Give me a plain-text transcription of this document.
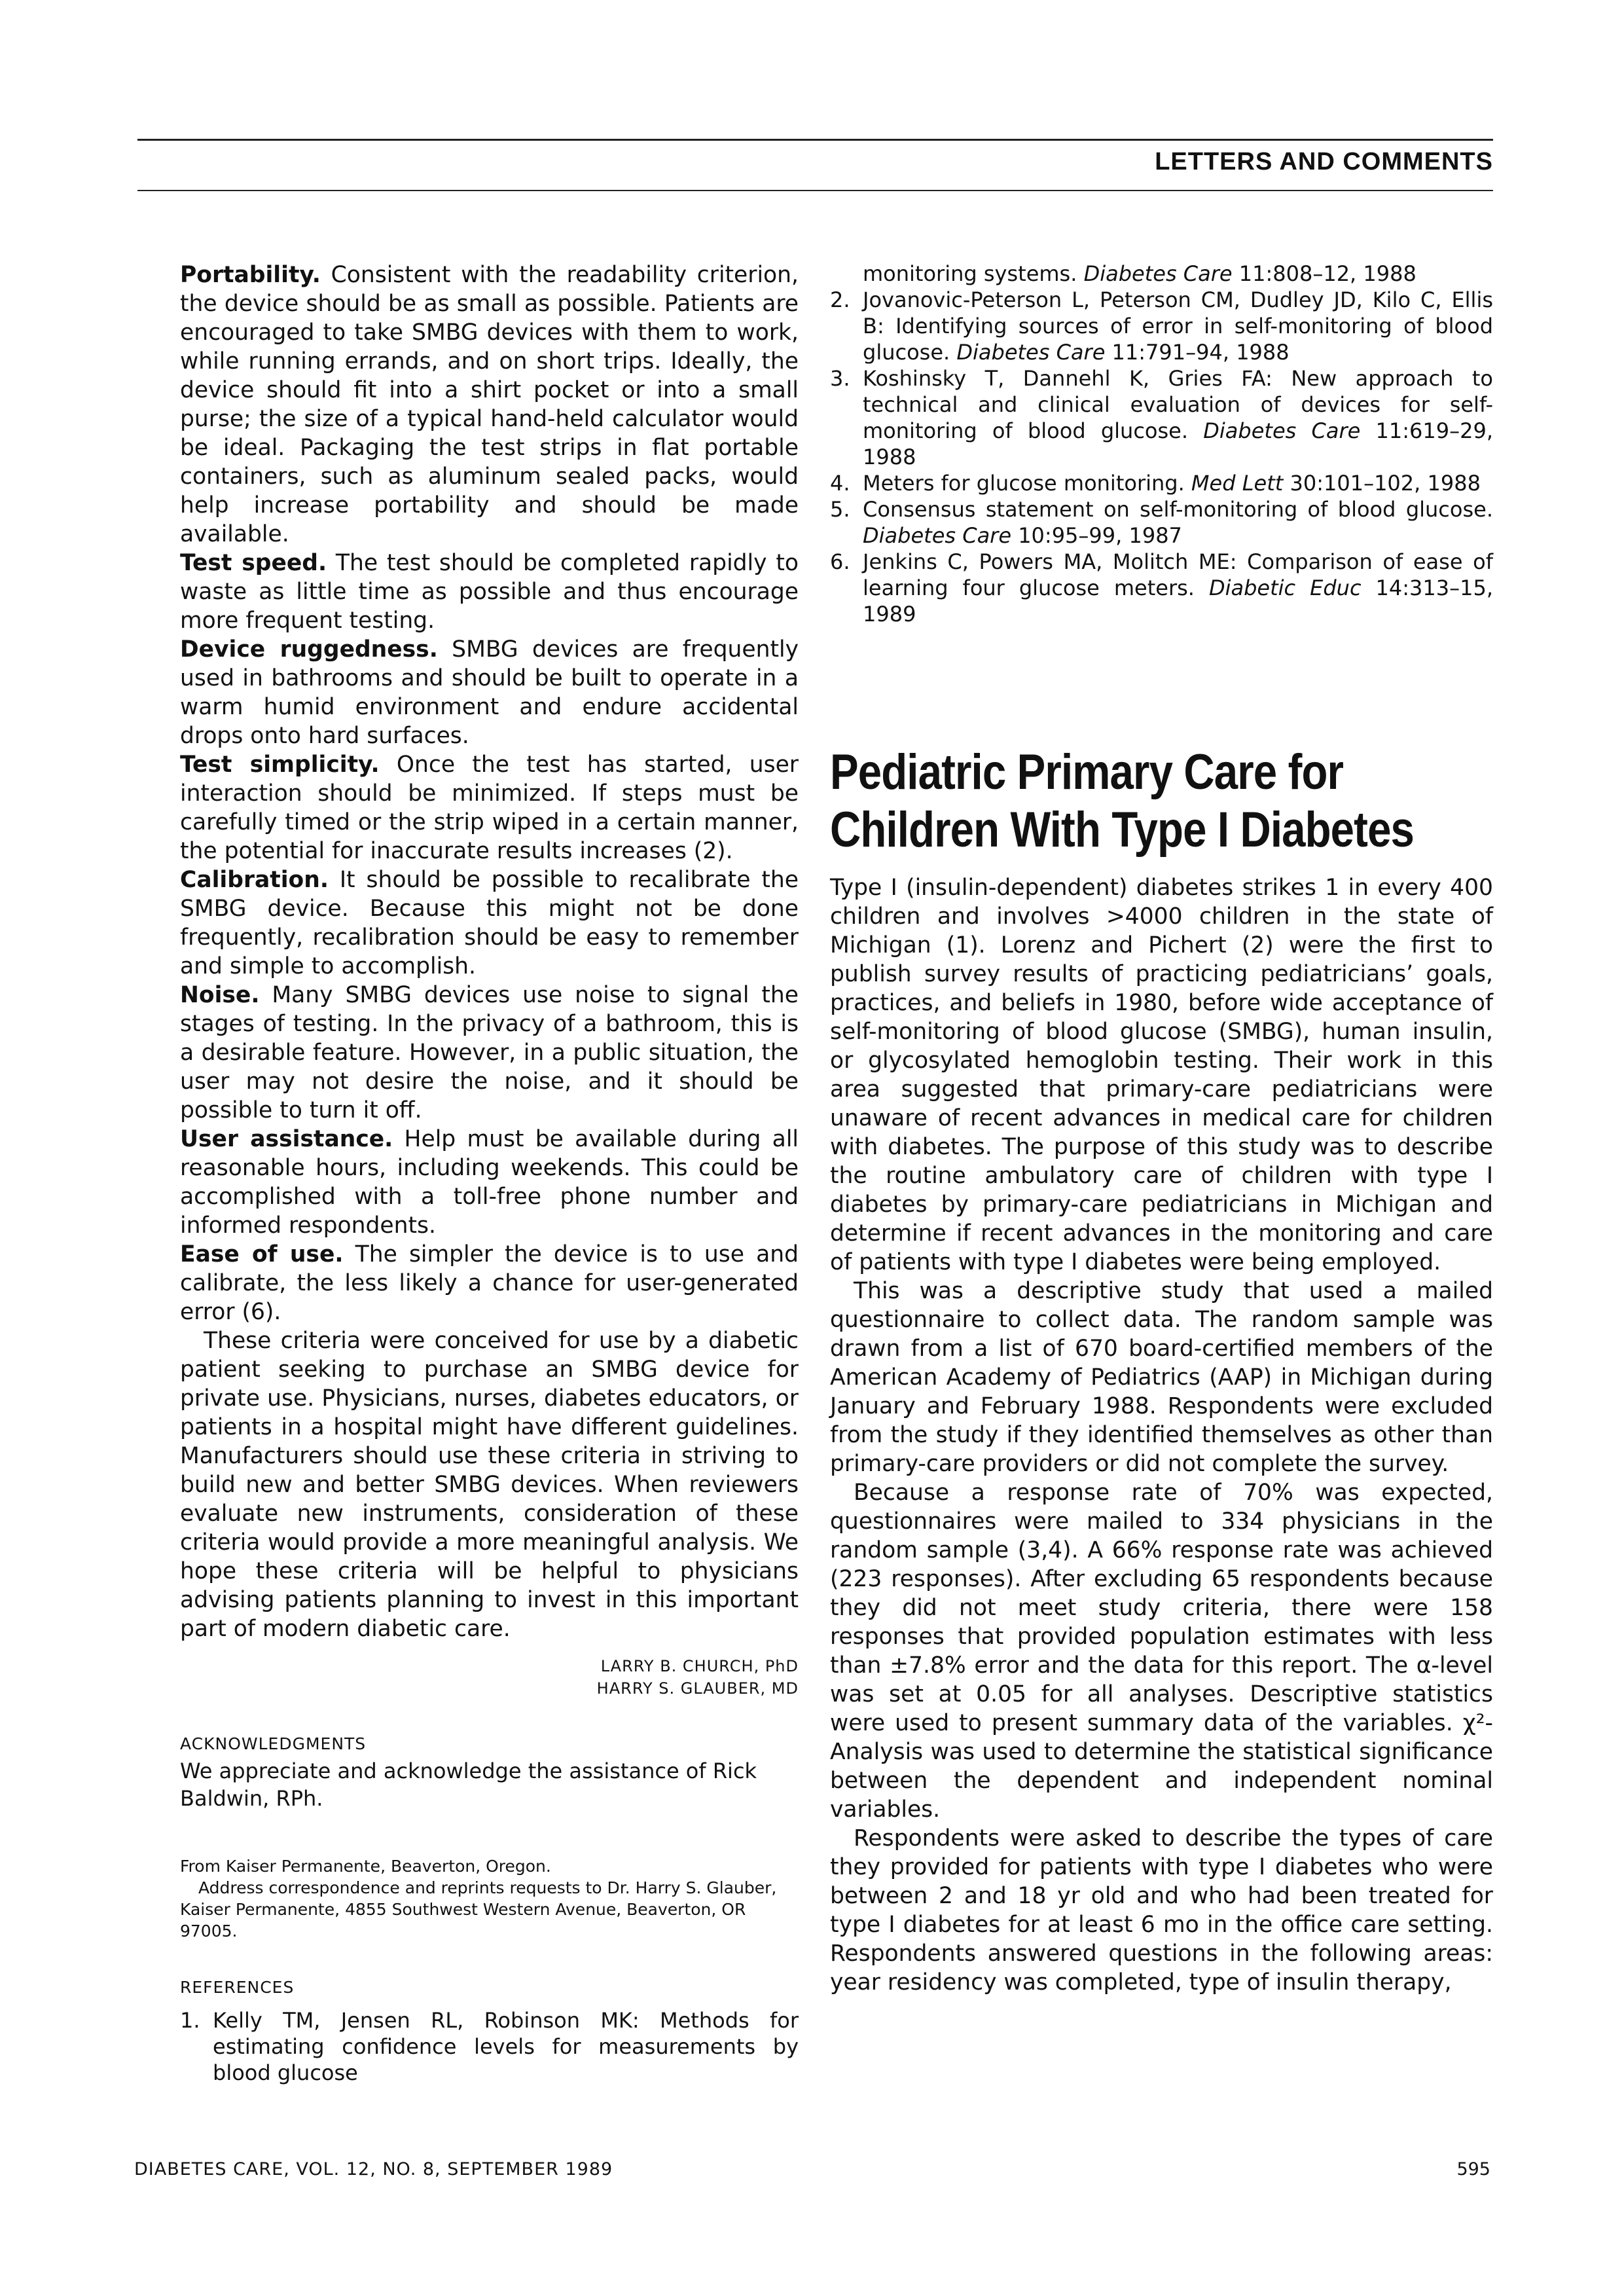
LETTERS AND COMMENTS

Portability. Consistent with the readability criterion, the device should be as small as possible. Patients are encouraged to take SMBG devices with them to work, while running errands, and on short trips. Ideally, the device should fit into a shirt pocket or into a small purse; the size of a typical hand-held calculator would be ideal. Packaging the test strips in flat portable containers, such as aluminum sealed packs, would help increase portability and should be made available.

Test speed. The test should be completed rapidly to waste as little time as possible and thus encourage more frequent testing.

Device ruggedness. SMBG devices are frequently used in bathrooms and should be built to operate in a warm humid environment and endure accidental drops onto hard surfaces.

Test simplicity. Once the test has started, user interaction should be minimized. If steps must be carefully timed or the strip wiped in a certain manner, the potential for inaccurate results increases (2).

Calibration. It should be possible to recalibrate the SMBG device. Because this might not be done frequently, recalibration should be easy to remember and simple to accomplish.

Noise. Many SMBG devices use noise to signal the stages of testing. In the privacy of a bathroom, this is a desirable feature. However, in a public situation, the user may not desire the noise, and it should be possible to turn it off.

User assistance. Help must be available during all reasonable hours, including weekends. This could be accomplished with a toll-free phone number and informed respondents.

Ease of use. The simpler the device is to use and calibrate, the less likely a chance for user-generated error (6).

These criteria were conceived for use by a diabetic patient seeking to purchase an SMBG device for private use. Physicians, nurses, diabetes educators, or patients in a hospital might have different guidelines. Manufacturers should use these criteria in striving to build new and better SMBG devices. When reviewers evaluate new instruments, consideration of these criteria would provide a more meaningful analysis. We hope these criteria will be helpful to physicians advising patients planning to invest in this important part of modern diabetic care.

LARRY B. CHURCH, PhD
HARRY S. GLAUBER, MD
ACKNOWLEDGMENTS

We appreciate and acknowledge the assistance of Rick Baldwin, RPh.

From Kaiser Permanente, Beaverton, Oregon.
Address correspondence and reprints requests to Dr. Harry S. Glauber, Kaiser Permanente, 4855 Southwest Western Avenue, Beaverton, OR 97005.
REFERENCES
1. Kelly TM, Jensen RL, Robinson MK: Methods for estimating confidence levels for measurements by blood glucose
monitoring systems. Diabetes Care 11:808–12, 1988
2. Jovanovic-Peterson L, Peterson CM, Dudley JD, Kilo C, Ellis B: Identifying sources of error in self-monitoring of blood glucose. Diabetes Care 11:791–94, 1988
3. Koshinsky T, Dannehl K, Gries FA: New approach to technical and clinical evaluation of devices for self-monitoring of blood glucose. Diabetes Care 11:619–29, 1988
4. Meters for glucose monitoring. Med Lett 30:101–102, 1988
5. Consensus statement on self-monitoring of blood glucose. Diabetes Care 10:95–99, 1987
6. Jenkins C, Powers MA, Molitch ME: Comparison of ease of learning four glucose meters. Diabetic Educ 14:313–15, 1989
Pediatric Primary Care for
Children With Type I Diabetes

Type I (insulin-dependent) diabetes strikes 1 in every 400 children and involves >4000 children in the state of Michigan (1). Lorenz and Pichert (2) were the first to publish survey results of practicing pediatricians’ goals, practices, and beliefs in 1980, before wide acceptance of self-monitoring of blood glucose (SMBG), human insulin, or glycosylated hemoglobin testing. Their work in this area suggested that primary-care pediatricians were unaware of recent advances in medical care for children with diabetes. The purpose of this study was to describe the routine ambulatory care of children with type I diabetes by primary-care pediatricians in Michigan and determine if recent advances in the monitoring and care of patients with type I diabetes were being employed.

This was a descriptive study that used a mailed questionnaire to collect data. The random sample was drawn from a list of 670 board-certified members of the American Academy of Pediatrics (AAP) in Michigan during January and February 1988. Respondents were excluded from the study if they identified themselves as other than primary-care providers or did not complete the survey.

Because a response rate of 70% was expected, questionnaires were mailed to 334 physicians in the random sample (3,4). A 66% response rate was achieved (223 responses). After excluding 65 respondents because they did not meet study criteria, there were 158 responses that provided population estimates with less than ±7.8% error and the data for this report. The α-level was set at 0.05 for all analyses. Descriptive statistics were used to present summary data of the variables. χ²-Analysis was used to determine the statistical significance between the dependent and independent nominal variables.

Respondents were asked to describe the types of care they provided for patients with type I diabetes who were between 2 and 18 yr old and who had been treated for type I diabetes for at least 6 mo in the office care setting. Respondents answered questions in the following areas: year residency was completed, type of insulin therapy,

DIABETES CARE, VOL. 12, NO. 8, SEPTEMBER 1989	595
